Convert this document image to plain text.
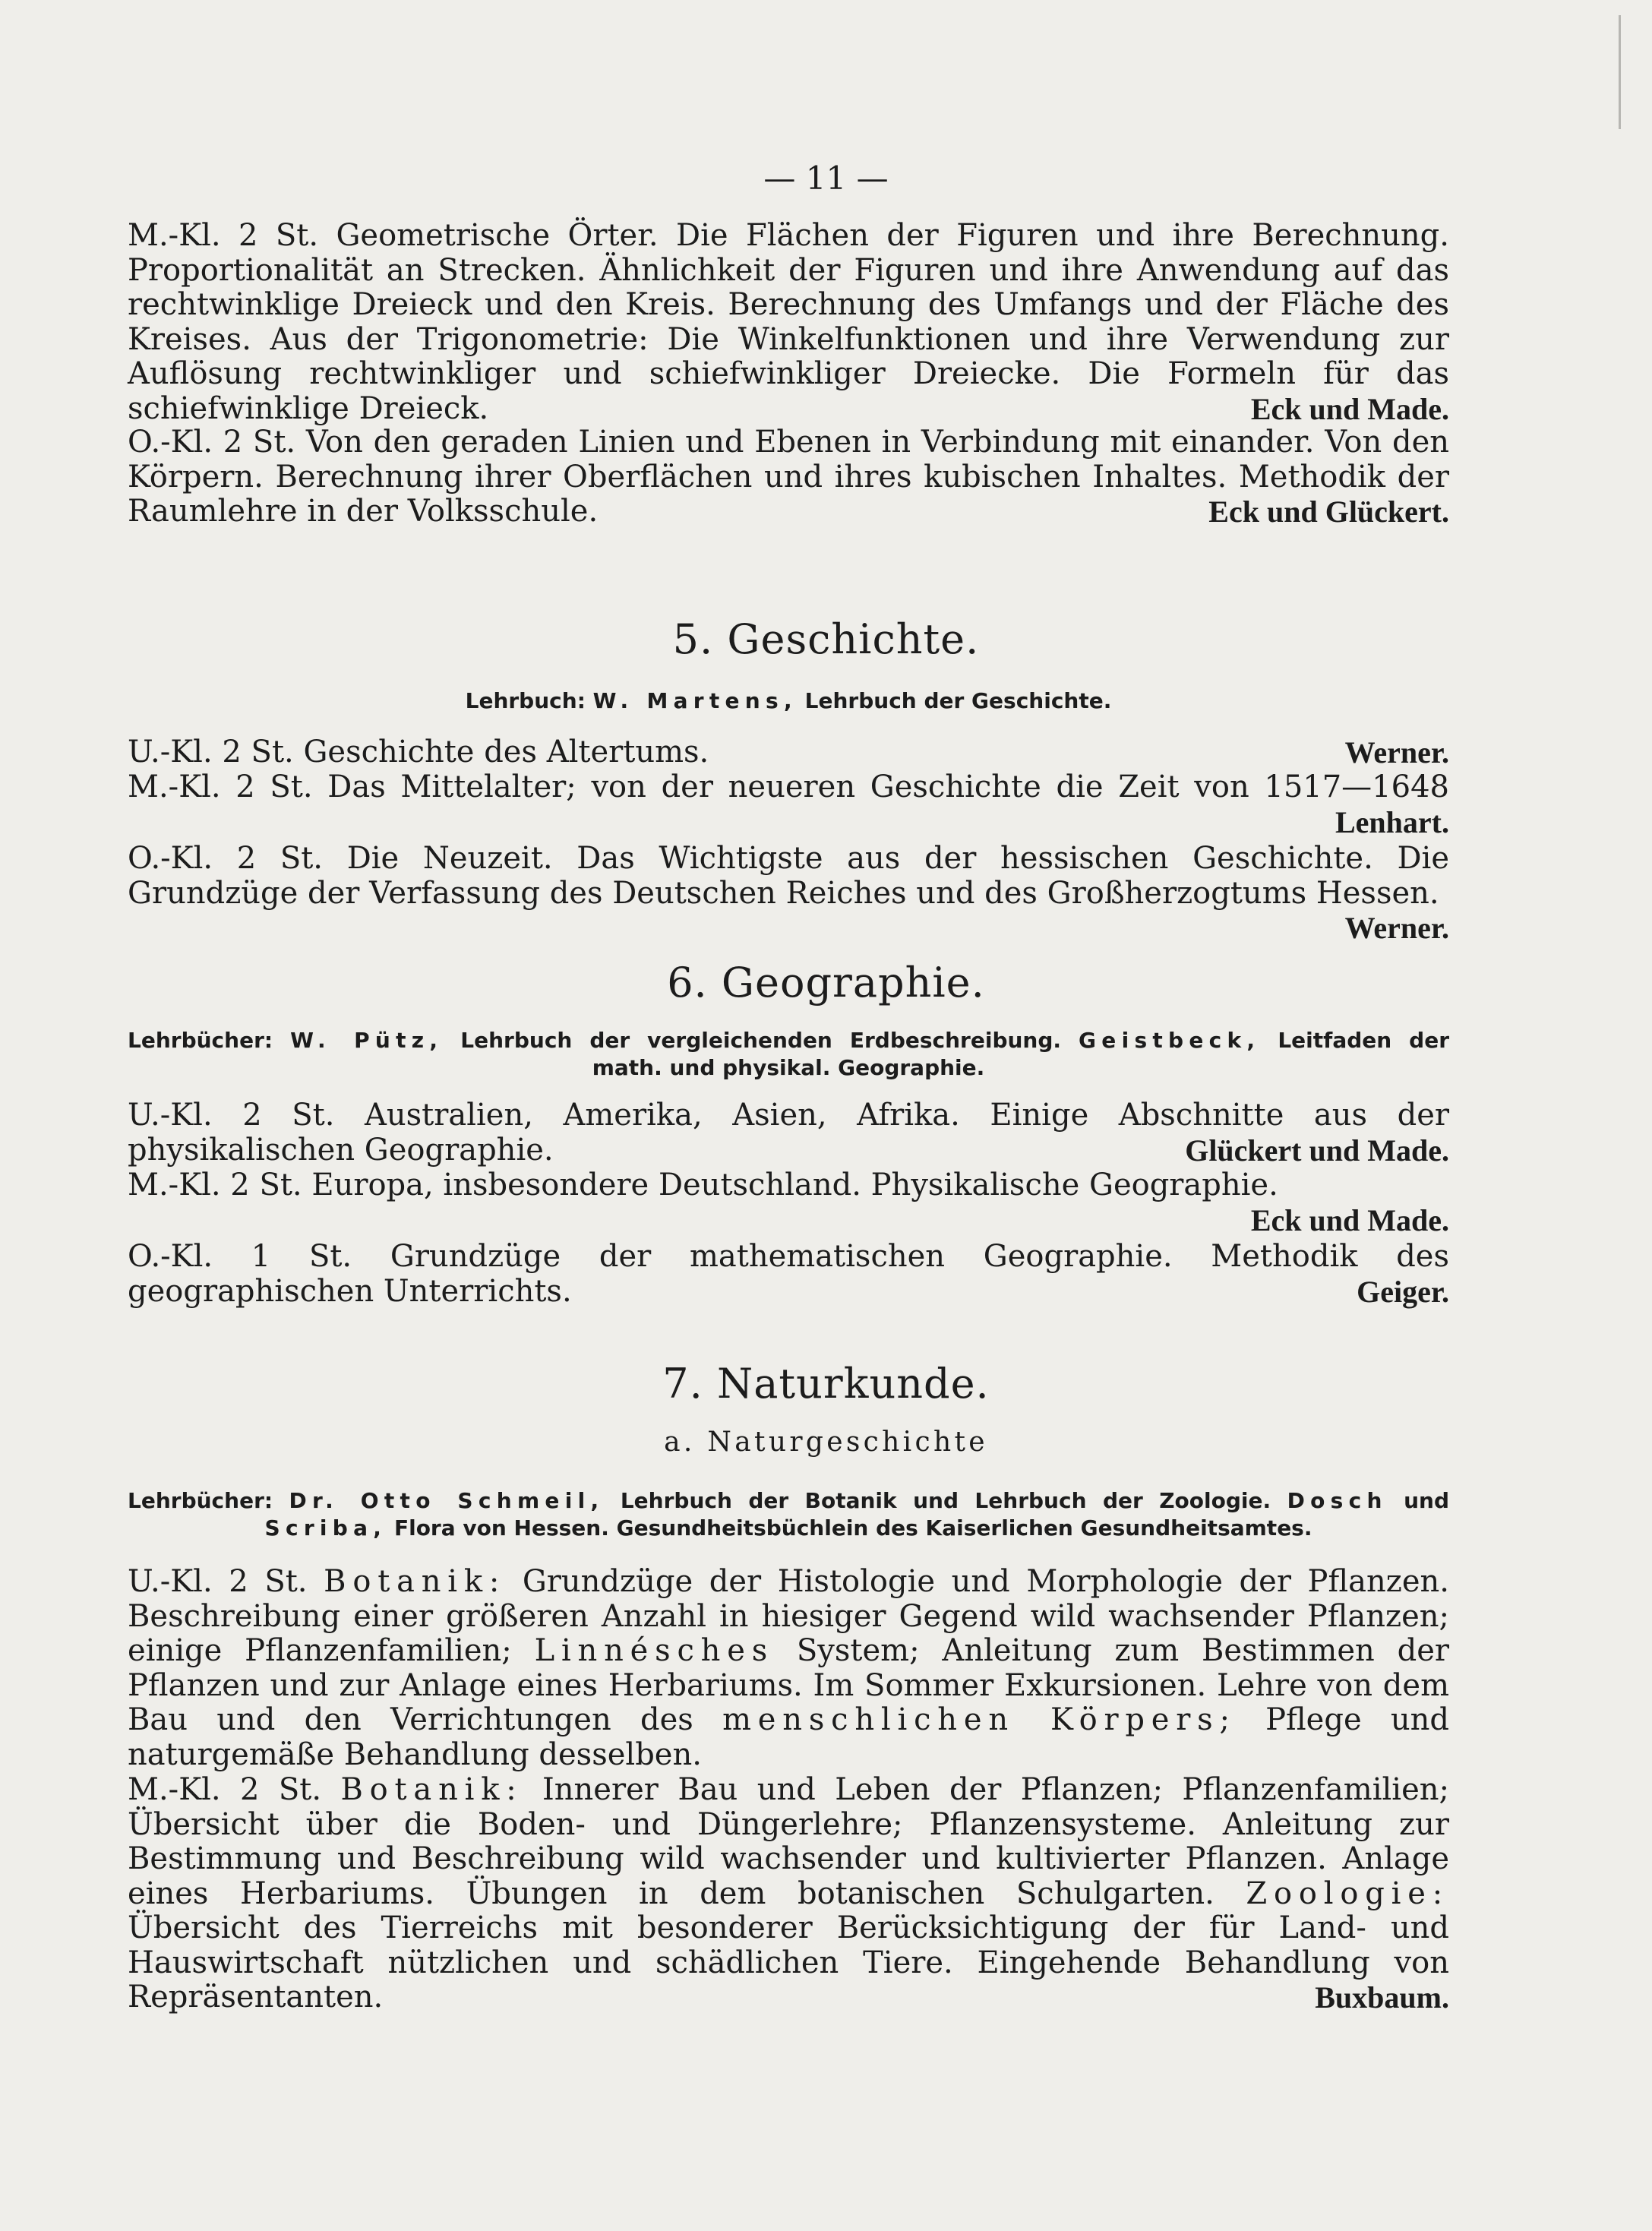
— 11 —

M.-Kl. 2 St. Geometrische Örter. Die Flächen der Figuren und ihre Berechnung. Proportionalität an Strecken. Ähnlichkeit der Figuren und ihre Anwendung auf das rechtwinklige Dreieck und den Kreis. Berechnung des Umfangs und der Fläche des Kreises. Aus der Trigonometrie: Die Winkelfunktionen und ihre Verwendung zur Auflösung rechtwinkliger und schiefwinkliger Dreiecke. Die Formeln für das schiefwinklige Dreieck.	Eck und Made.

O.-Kl. 2 St. Von den geraden Linien und Ebenen in Verbindung mit einander. Von den Körpern. Berechnung ihrer Oberflächen und ihres kubischen Inhaltes. Methodik der Raumlehre in der Volksschule.	Eck und Glückert.

5. Geschichte.

Lehrbuch: W. Martens, Lehrbuch der Geschichte.

U.-Kl. 2 St. Geschichte des Altertums.	Werner.

M.-Kl. 2 St. Das Mittelalter; von der neueren Geschichte die Zeit von 1517—1648
Lenhart.

O.-Kl. 2 St. Die Neuzeit. Das Wichtigste aus der hessischen Geschichte. Die Grundzüge der Verfassung des Deutschen Reiches und des Großherzogtums Hessen.
Werner.

6. Geographie.

Lehrbücher: W. Pütz, Lehrbuch der vergleichenden Erdbeschreibung. Geistbeck, Leitfaden der
math. und physikal. Geographie.

U.-Kl. 2 St. Australien, Amerika, Asien, Afrika. Einige Abschnitte aus der physikalischen Geographie.	Glückert und Made.

M.-Kl. 2 St. Europa, insbesondere Deutschland. Physikalische Geographie.
Eck und Made.

O.-Kl. 1 St. Grundzüge der mathematischen Geographie. Methodik des geographischen Unterrichts.	Geiger.

7. Naturkunde.
a. Naturgeschichte

Lehrbücher: Dr. Otto Schmeil, Lehrbuch der Botanik und Lehrbuch der Zoologie. Dosch und
Scriba, Flora von Hessen. Gesundheitsbüchlein des Kaiserlichen Gesundheitsamtes.

U.-Kl. 2 St. Botanik: Grundzüge der Histologie und Morphologie der Pflanzen. Beschreibung einer größeren Anzahl in hiesiger Gegend wild wachsender Pflanzen; einige Pflanzenfamilien; Linnésches System; Anleitung zum Bestimmen der Pflanzen und zur Anlage eines Herbariums. Im Sommer Exkursionen. Lehre von dem Bau und den Verrichtungen des menschlichen Körpers; Pflege und naturgemäße Behandlung desselben.

M.-Kl. 2 St. Botanik: Innerer Bau und Leben der Pflanzen; Pflanzenfamilien; Übersicht über die Boden- und Düngerlehre; Pflanzensysteme. Anleitung zur Bestimmung und Beschreibung wild wachsender und kultivierter Pflanzen. Anlage eines Herbariums. Übungen in dem botanischen Schulgarten. Zoologie: Übersicht des Tierreichs mit besonderer Berücksichtigung der für Land- und Hauswirtschaft nützlichen und schädlichen Tiere. Eingehende Behandlung von Repräsentanten.	Buxbaum.
